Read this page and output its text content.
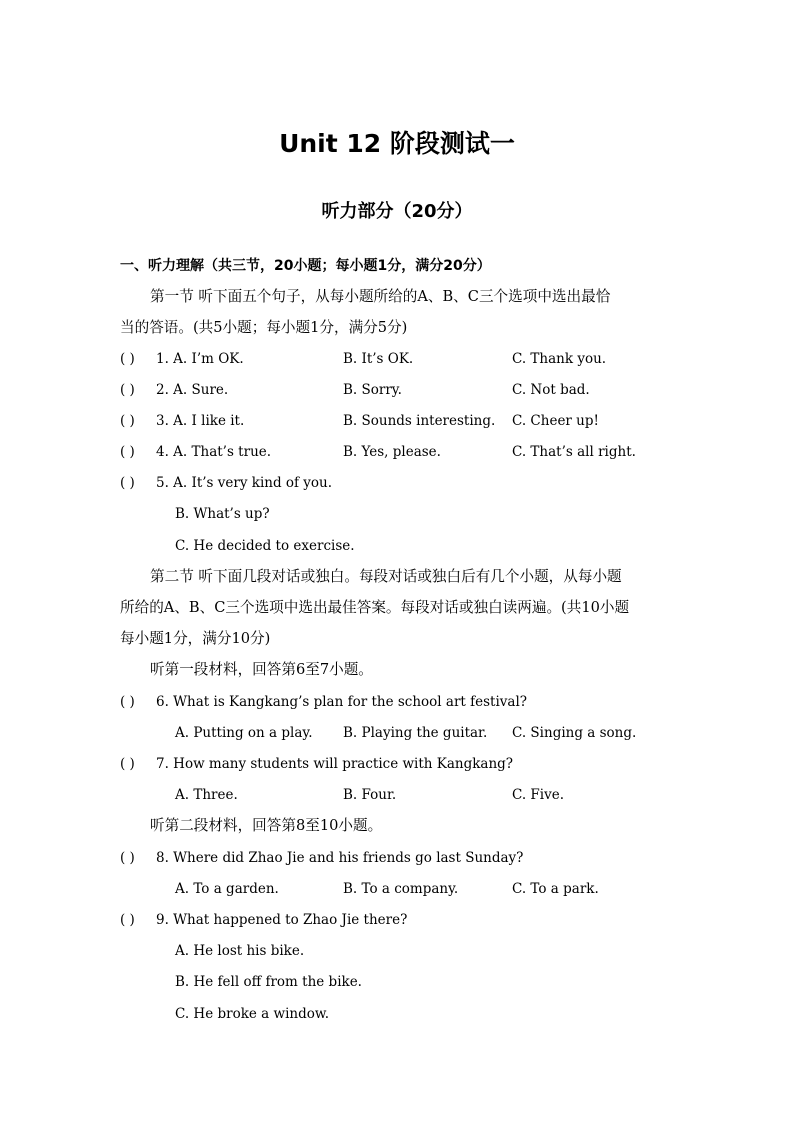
Unit 12 阶段测试一
听力部分（20分）
一、听力理解（共三节，20小题；每小题1分，满分20分）
第一节 听下面五个句子，从每小题所给的A、B、C三个选项中选出最恰
当的答语。(共5小题；每小题1分，满分5分)
( ) 1. A. I’m OK.	B. It’s OK.	C. Thank you.
( ) 2. A. Sure.	B. Sorry.	C. Not bad.
( ) 3. A. I like it.	B. Sounds interesting. C. Cheer up!
( ) 4. A. That’s true.	B. Yes, please.	C. That’s all right.
( ) 5. A. It’s very kind of you.
B. What’s up?
C. He decided to exercise.
第二节 听下面几段对话或独白。每段对话或独白后有几个小题，从每小题
所给的A、B、C三个选项中选出最佳答案。每段对话或独白读两遍。(共10小题
每小题1分，满分10分)
听第一段材料，回答第6至7小题。
( ) 6. What is Kangkang’s plan for the school art festival?
A. Putting on a play. B. Playing the guitar. C. Singing a song.
( ) 7. How many students will practice with Kangkang?
A. Three.	B. Four.	C. Five.
听第二段材料，回答第8至10小题。
( ) 8. Where did Zhao Jie and his friends go last Sunday?
A. To a garden.	B. To a company.	C. To a park.
( ) 9. What happened to Zhao Jie there?
A. He lost his bike.
B. He fell off from the bike.
C. He broke a window.
